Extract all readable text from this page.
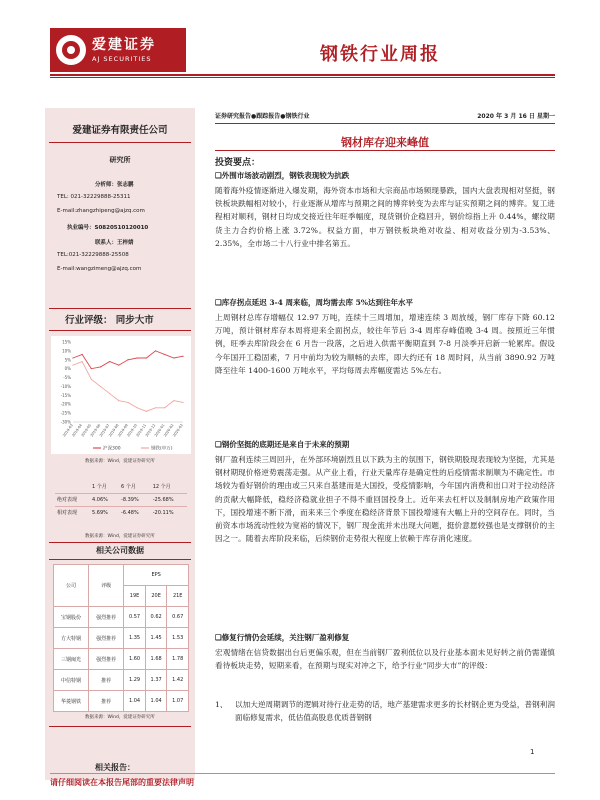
爱建证券
AJ SECURITIES	钢铁行业周报
爱建证券有限责任公司
研究所
分析师：张志鹏
TEL: 021-32229888-25311
E-mail:zhangzhipeng@ajzq.com
执业编号：S0820510120010
联系人：王梓婧
TEL:021-32229888-25508
E-mail:wangzimeng@ajzq.com
行业评级： 同步大市
15%
10%
5%
0%
-5%
-10%
-15%
-20%
-25%
-30%
2019-03
2019-04
2019-05
2019-06
2019-07
2019-08
2019-09
2019-10
2019-11
2019-12
2020-01
2020-02
2020-03
沪深300	钢铁(申万)
数据来源：Wind，爱建证券研究所
	1 个月	6 个月	12 个月
绝对表现	4.06%	-8.39%	-25.68%
相对表现	5.69%	-6.48%	-20.11%
数据来源：Wind，爱建证券研究所
相关公司数据
公司	评级	EPS		
		19E	20E	21E
宝钢股份	强烈推荐	0.57	0.62	0.67
方大特钢	强烈推荐	1.35	1.45	1.53
三钢闽光	强烈推荐	1.60	1.68	1.78
中信特钢	推荐	1.29	1.37	1.42
华菱钢铁	推荐	1.04	1.04	1.07
数据来源：Wind，爱建证券研究所
相关报告：
证券研究报告●跟踪报告●钢铁行业	2020 年 3 月 16 日 星期一
钢材库存迎来峰值
投资要点：
❑外围市场波动剧烈，钢铁表现较为抗跌
随着海外疫情逐渐进入爆发期，海外资本市场和大宗商品市场频现暴跌，国内大盘表现相对坚挺，钢铁板块跌幅相对较小，行业逐渐从增库与预期之间的博弈转变为去库与证实预期之间的博弈。复工进程相对顺利，钢材日均成交接近往年旺季幅度，现货钢价企稳回升，钢价综指上升 0.44%，螺纹期货主力合约价格上涨 3.72%。权益方面，申万钢铁板块绝对收益、相对收益分别为-3.53%、2.35%，全市场二十八行业中排名第五。
❑库存拐点延迟 3-4 周来临，周均需去库 5%达到往年水平
上周钢材总库存增幅仅 12.97 万吨，连续十三周增加，增速连续 3 周放缓，钢厂库存下降 60.12 万吨，预计钢材库存本周将迎来全面拐点，较往年节后 3-4 周库存峰值晚 3-4 周。按照近三年惯例，旺季去库阶段会在 6 月告一段落，之后进入供需平衡期直到 7-8 月淡季开启新一轮累库。假设今年国开工稳固素，7 月中前均为较为顺畅的去库，即大约还有 18 周时间，从当前 3890.92 万吨降至往年 1400-1600 万吨水平，平均每周去库幅度需达 5%左右。
❑钢价坚挺的底期还是来自于未来的预期
钢厂盈利连续三周回升，在外部环境剧烈且以下跌为主的氛围下，钢铁期股现表现较为坚挺，尤其是钢材期现价格逆势震荡走强。从产业上看，行业天量库存是确定性的后疫情需求制顺为不确定性。市场较为看好钢价的理由或三只来自基建而是大国投，受疫情影响，今年国内消费和出口对于拉动经济的贡献大幅降低，稳经济稳就业担子不得不重回国投身上。近年来去杠杆以及制制房地产政策作用下，国投增速不断下滑，而来来三个季度在稳经济背景下国投增速有大幅上升的空间存在。同时，当前资本市场流动性较为宽裕的情况下，钢厂现金流并未出现大问题，挺价意愿较强也是支撑钢价的主因之一。随着去库阶段来临，后续钢价走势很大程度上依赖于库存消化速度。
❑修复行情仍会延续，关注钢厂盈利修复
宏观情绪在信贷数据出台后更偏乐观，但在当前钢厂盈利低位以及行业基本面未见好转之前仍需谨慎看待板块走势，短期来看，在预期与现实对冲之下，给予行业“同步大市”的评级：
1、 以加大逆周期调节的逻辑对待行业走势的话，地产基建需求更多的长材钢企更为受益，普钢利润面临修复需求，低估值高股息优质普钢钢
1
请仔细阅读在本报告尾部的重要法律声明
